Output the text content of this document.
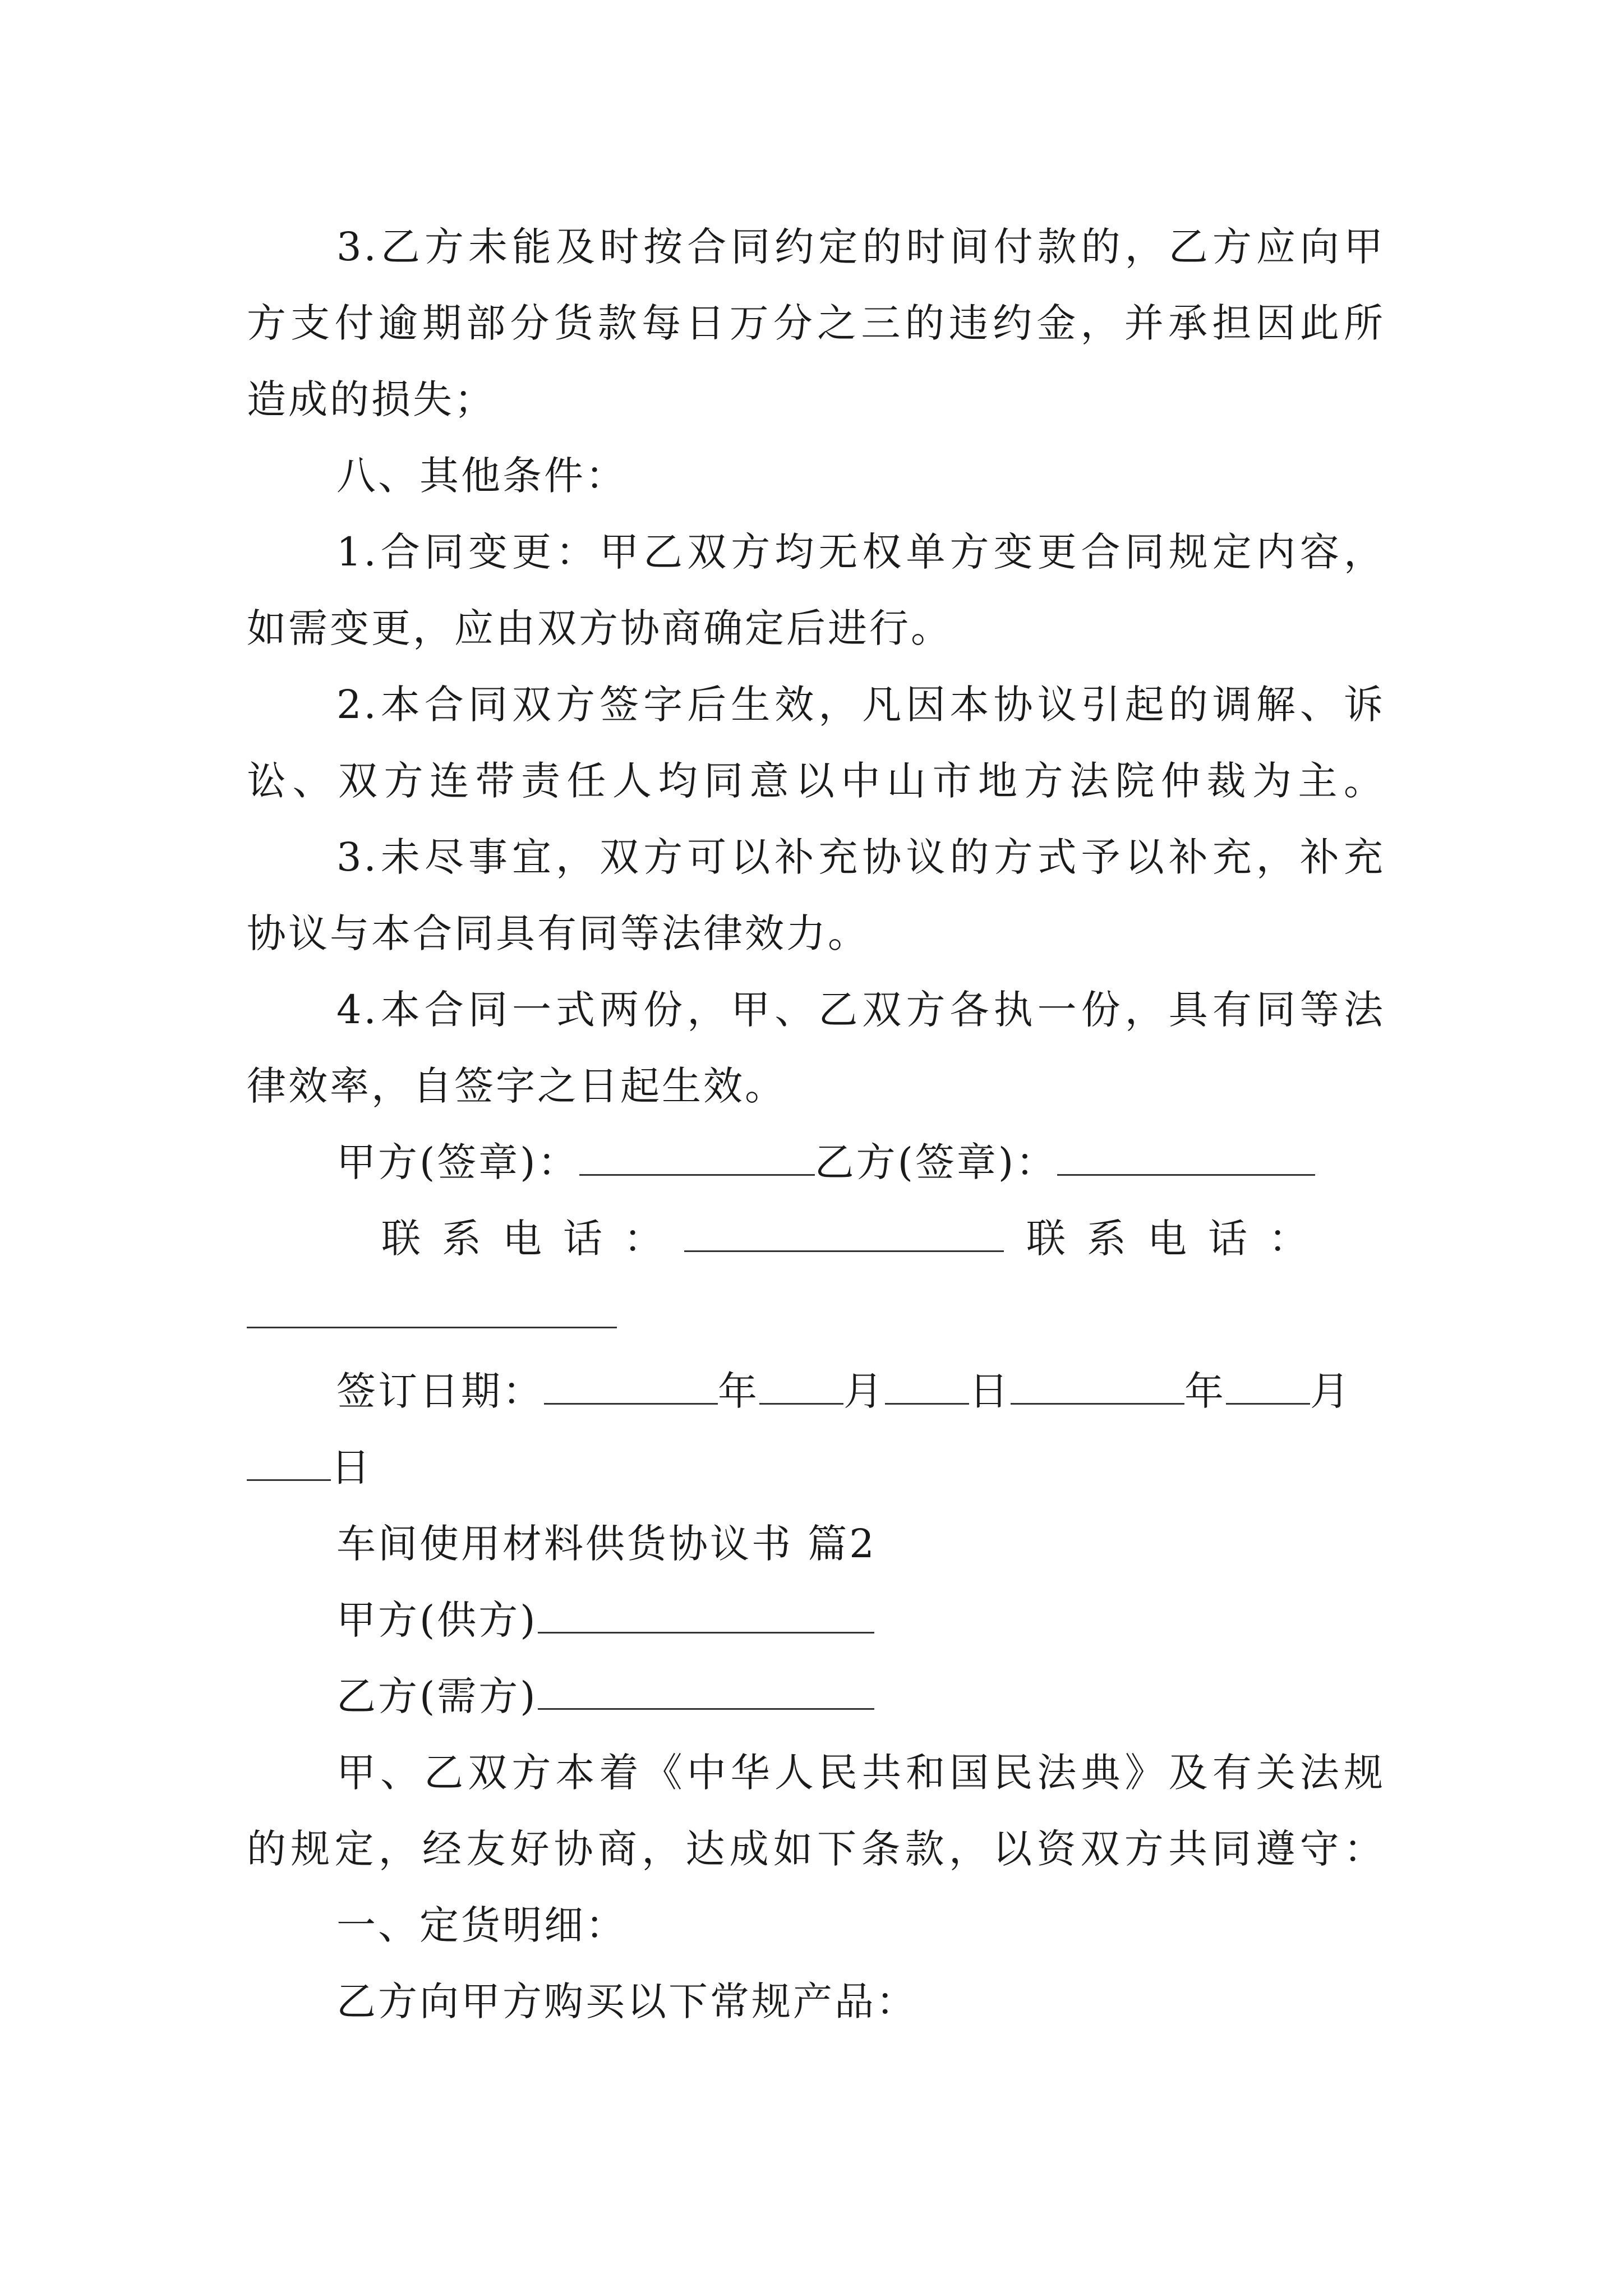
3.乙方未能及时按合同约定的时间付款的，乙方应向甲
方支付逾期部分货款每日万分之三的违约金，并承担因此所
造成的损失；
八、其他条件：
1.合同变更：甲乙双方均无权单方变更合同规定内容，
如需变更，应由双方协商确定后进行。
2.本合同双方签字后生效，凡因本协议引起的调解、诉
讼、双方连带责任人均同意以中山市地方法院仲裁为主。
3.未尽事宜，双方可以补充协议的方式予以补充，补充
协议与本合同具有同等法律效力。
4.本合同一式两份，甲、乙双方各执一份，具有同等法
律效率，自签字之日起生效。
甲方(签章)：	乙方(签章)：
联系电话：	联系电话：
签订日期：	年 月 日	年 月
日
车间使用材料供货协议书 篇2
甲方(供方)
乙方(需方)
甲、乙双方本着《中华人民共和国民法典》及有关法规
的规定，经友好协商，达成如下条款，以资双方共同遵守：
一、定货明细：
乙方向甲方购买以下常规产品：
